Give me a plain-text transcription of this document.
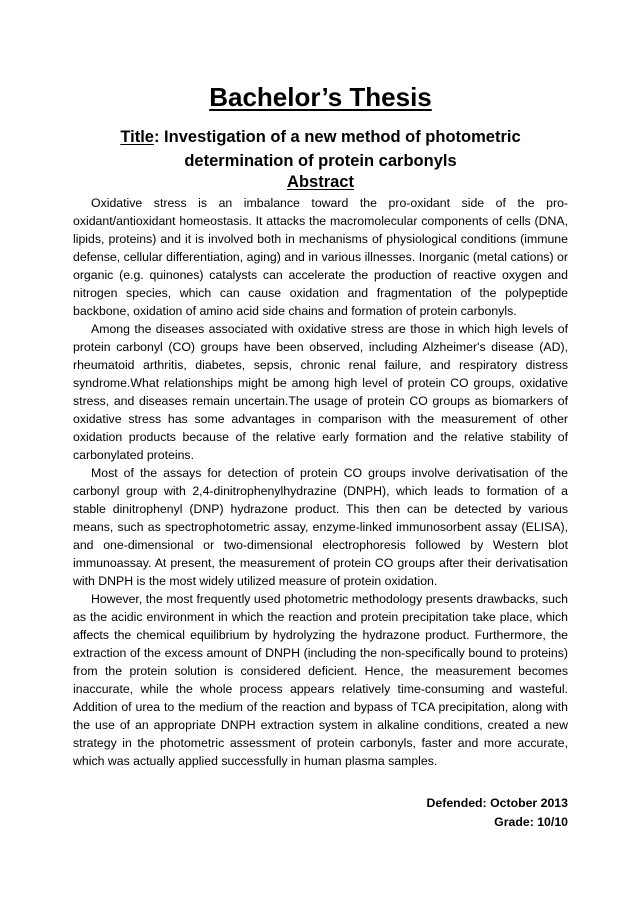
Bachelor’s Thesis
Title: Investigation of a new method of photometric
determination of protein carbonyls
Abstract

Oxidative stress is an imbalance toward the pro-oxidant side of the pro-oxidant/antioxidant homeostasis. It attacks the macromolecular components of cells (DNA, lipids, proteins) and it is involved both in mechanisms of physiological conditions (immune defense, cellular differentiation, aging) and in various illnesses. Inorganic (metal cations) or organic (e.g. quinones) catalysts can accelerate the production of reactive oxygen and nitrogen species, which can cause oxidation and fragmentation of the polypeptide backbone, oxidation of amino acid side chains and formation of protein carbonyls.

Among the diseases associated with oxidative stress are those in which high levels of protein carbonyl (CO) groups have been observed, including Alzheimer's disease (AD), rheumatoid arthritis, diabetes, sepsis, chronic renal failure, and respiratory distress syndrome.What relationships might be among high level of protein CO groups, oxidative stress, and diseases remain uncertain.The usage of protein CO groups as biomarkers of oxidative stress has some advantages in comparison with the measurement of other oxidation products because of the relative early formation and the relative stability of carbonylated proteins.

Most of the assays for detection of protein CO groups involve derivatisation of the carbonyl group with 2,4-dinitrophenylhydrazine (DNPH), which leads to formation of a stable dinitrophenyl (DNP) hydrazone product. This then can be detected by various means, such as spectrophotometric assay, enzyme-linked immunosorbent assay (ELISA), and one-dimensional or two-dimensional electrophoresis followed by Western blot immunoassay. At present, the measurement of protein CO groups after their derivatisation with DNPH is the most widely utilized measure of protein oxidation.

However, the most frequently used photometric methodology presents drawbacks, such as the acidic environment in which the reaction and protein precipitation take place, which affects the chemical equilibrium by hydrolyzing the hydrazone product. Furthermore, the extraction of the excess amount of DNPH (including the non-specifically bound to proteins) from the protein solution is considered deficient. Hence, the measurement becomes inaccurate, while the whole process appears relatively time-consuming and wasteful. Addition of urea to the medium of the reaction and bypass of TCA precipitation, along with the use of an appropriate DNPH extraction system in alkaline conditions, created a new strategy in the photometric assessment of protein carbonyls, faster and more accurate, which was actually applied successfully in human plasma samples.

Defended: October 2013
Grade: 10/10
